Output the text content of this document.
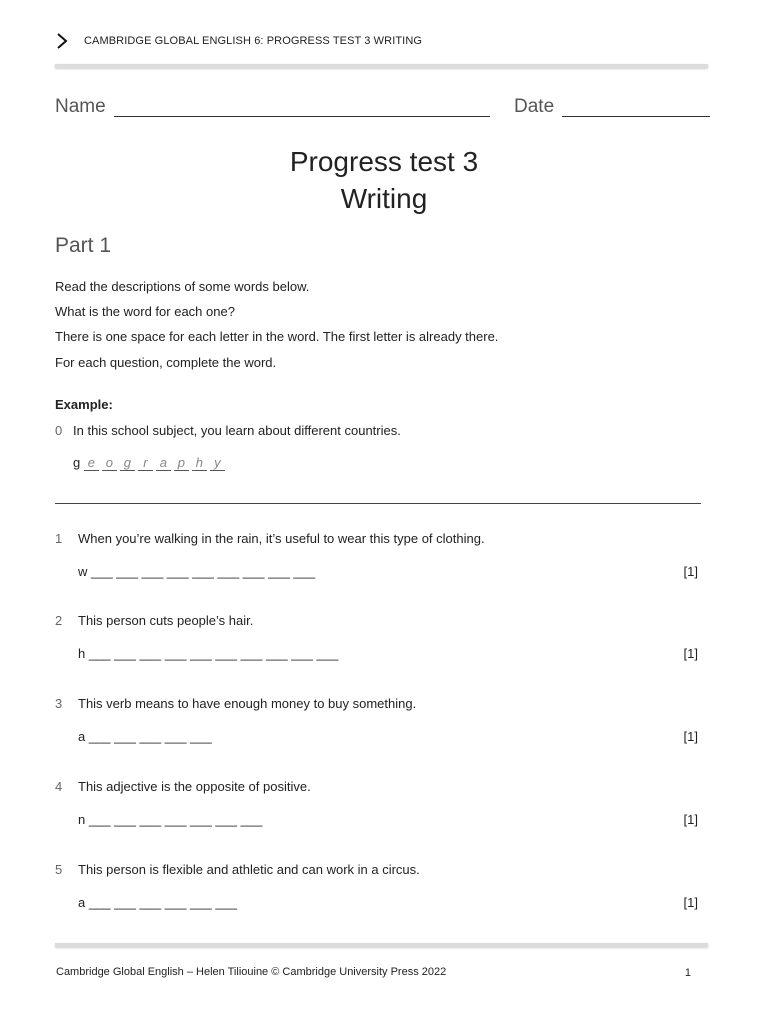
CAMBRIDGE GLOBAL ENGLISH 6: PROGRESS TEST 3 WRITING
Name	Date
Progress test 3
Writing
Part 1
Read the descriptions of some words below.
What is the word for each one?
There is one space for each letter in the word. The first letter is already there.
For each question, complete the word.
Example:
0 In this school subject, you learn about different countries.
g e o g r a p h y
1 When you’re walking in the rain, it’s useful to wear this type of clothing.
w ___ ___ ___ ___ ___ ___ ___ ___ ___	[1]
2 This person cuts people’s hair.
h ___ ___ ___ ___ ___ ___ ___ ___ ___ ___	[1]
3 This verb means to have enough money to buy something.
a ___ ___ ___ ___ ___	[1]
4 This adjective is the opposite of positive.
n ___ ___ ___ ___ ___ ___ ___	[1]
5 This person is flexible and athletic and can work in a circus.
a ___ ___ ___ ___ ___ ___	[1]
Cambridge Global English – Helen Tiliouine © Cambridge University Press 2022	1
